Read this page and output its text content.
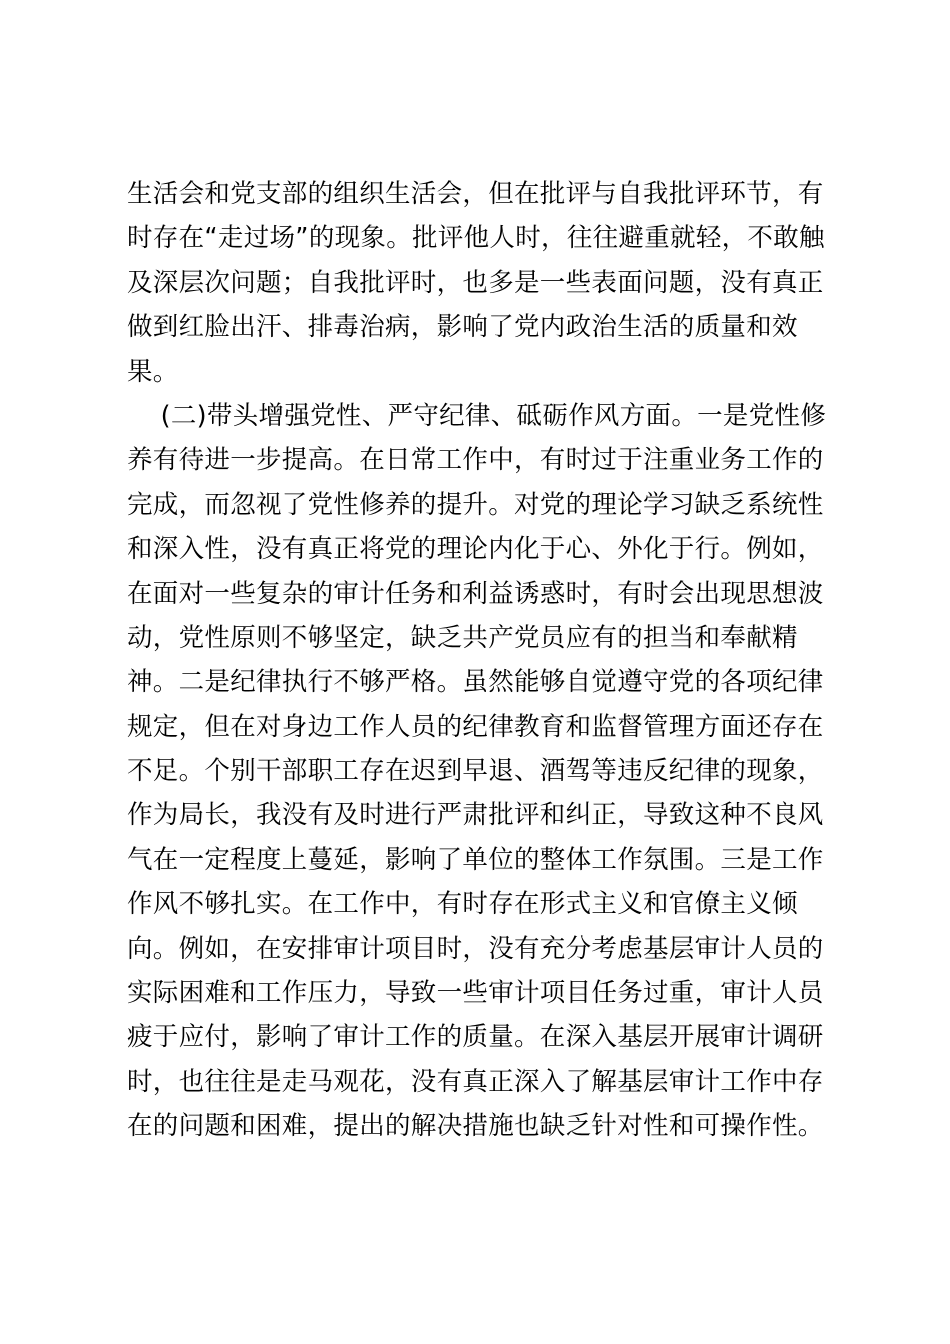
生活会和党支部的组织生活会，但在批评与自我批评环节，有
时存在“走过场”的现象。批评他人时，往往避重就轻，不敢触
及深层次问题；自我批评时，也多是一些表面问题，没有真正
做到红脸出汗、排毒治病，影响了党内政治生活的质量和效
果。
(二)带头增强党性、严守纪律、砥砺作风方面。一是党性修
养有待进一步提高。在日常工作中，有时过于注重业务工作的
完成，而忽视了党性修养的提升。对党的理论学习缺乏系统性
和深入性，没有真正将党的理论内化于心、外化于行。例如，
在面对一些复杂的审计任务和利益诱惑时，有时会出现思想波
动，党性原则不够坚定，缺乏共产党员应有的担当和奉献精
神。二是纪律执行不够严格。虽然能够自觉遵守党的各项纪律
规定，但在对身边工作人员的纪律教育和监督管理方面还存在
不足。个别干部职工存在迟到早退、酒驾等违反纪律的现象，
作为局长，我没有及时进行严肃批评和纠正，导致这种不良风
气在一定程度上蔓延，影响了单位的整体工作氛围。三是工作
作风不够扎实。在工作中，有时存在形式主义和官僚主义倾
向。例如，在安排审计项目时，没有充分考虑基层审计人员的
实际困难和工作压力，导致一些审计项目任务过重，审计人员
疲于应付，影响了审计工作的质量。在深入基层开展审计调研
时，也往往是走马观花，没有真正深入了解基层审计工作中存
在的问题和困难，提出的解决措施也缺乏针对性和可操作性。
